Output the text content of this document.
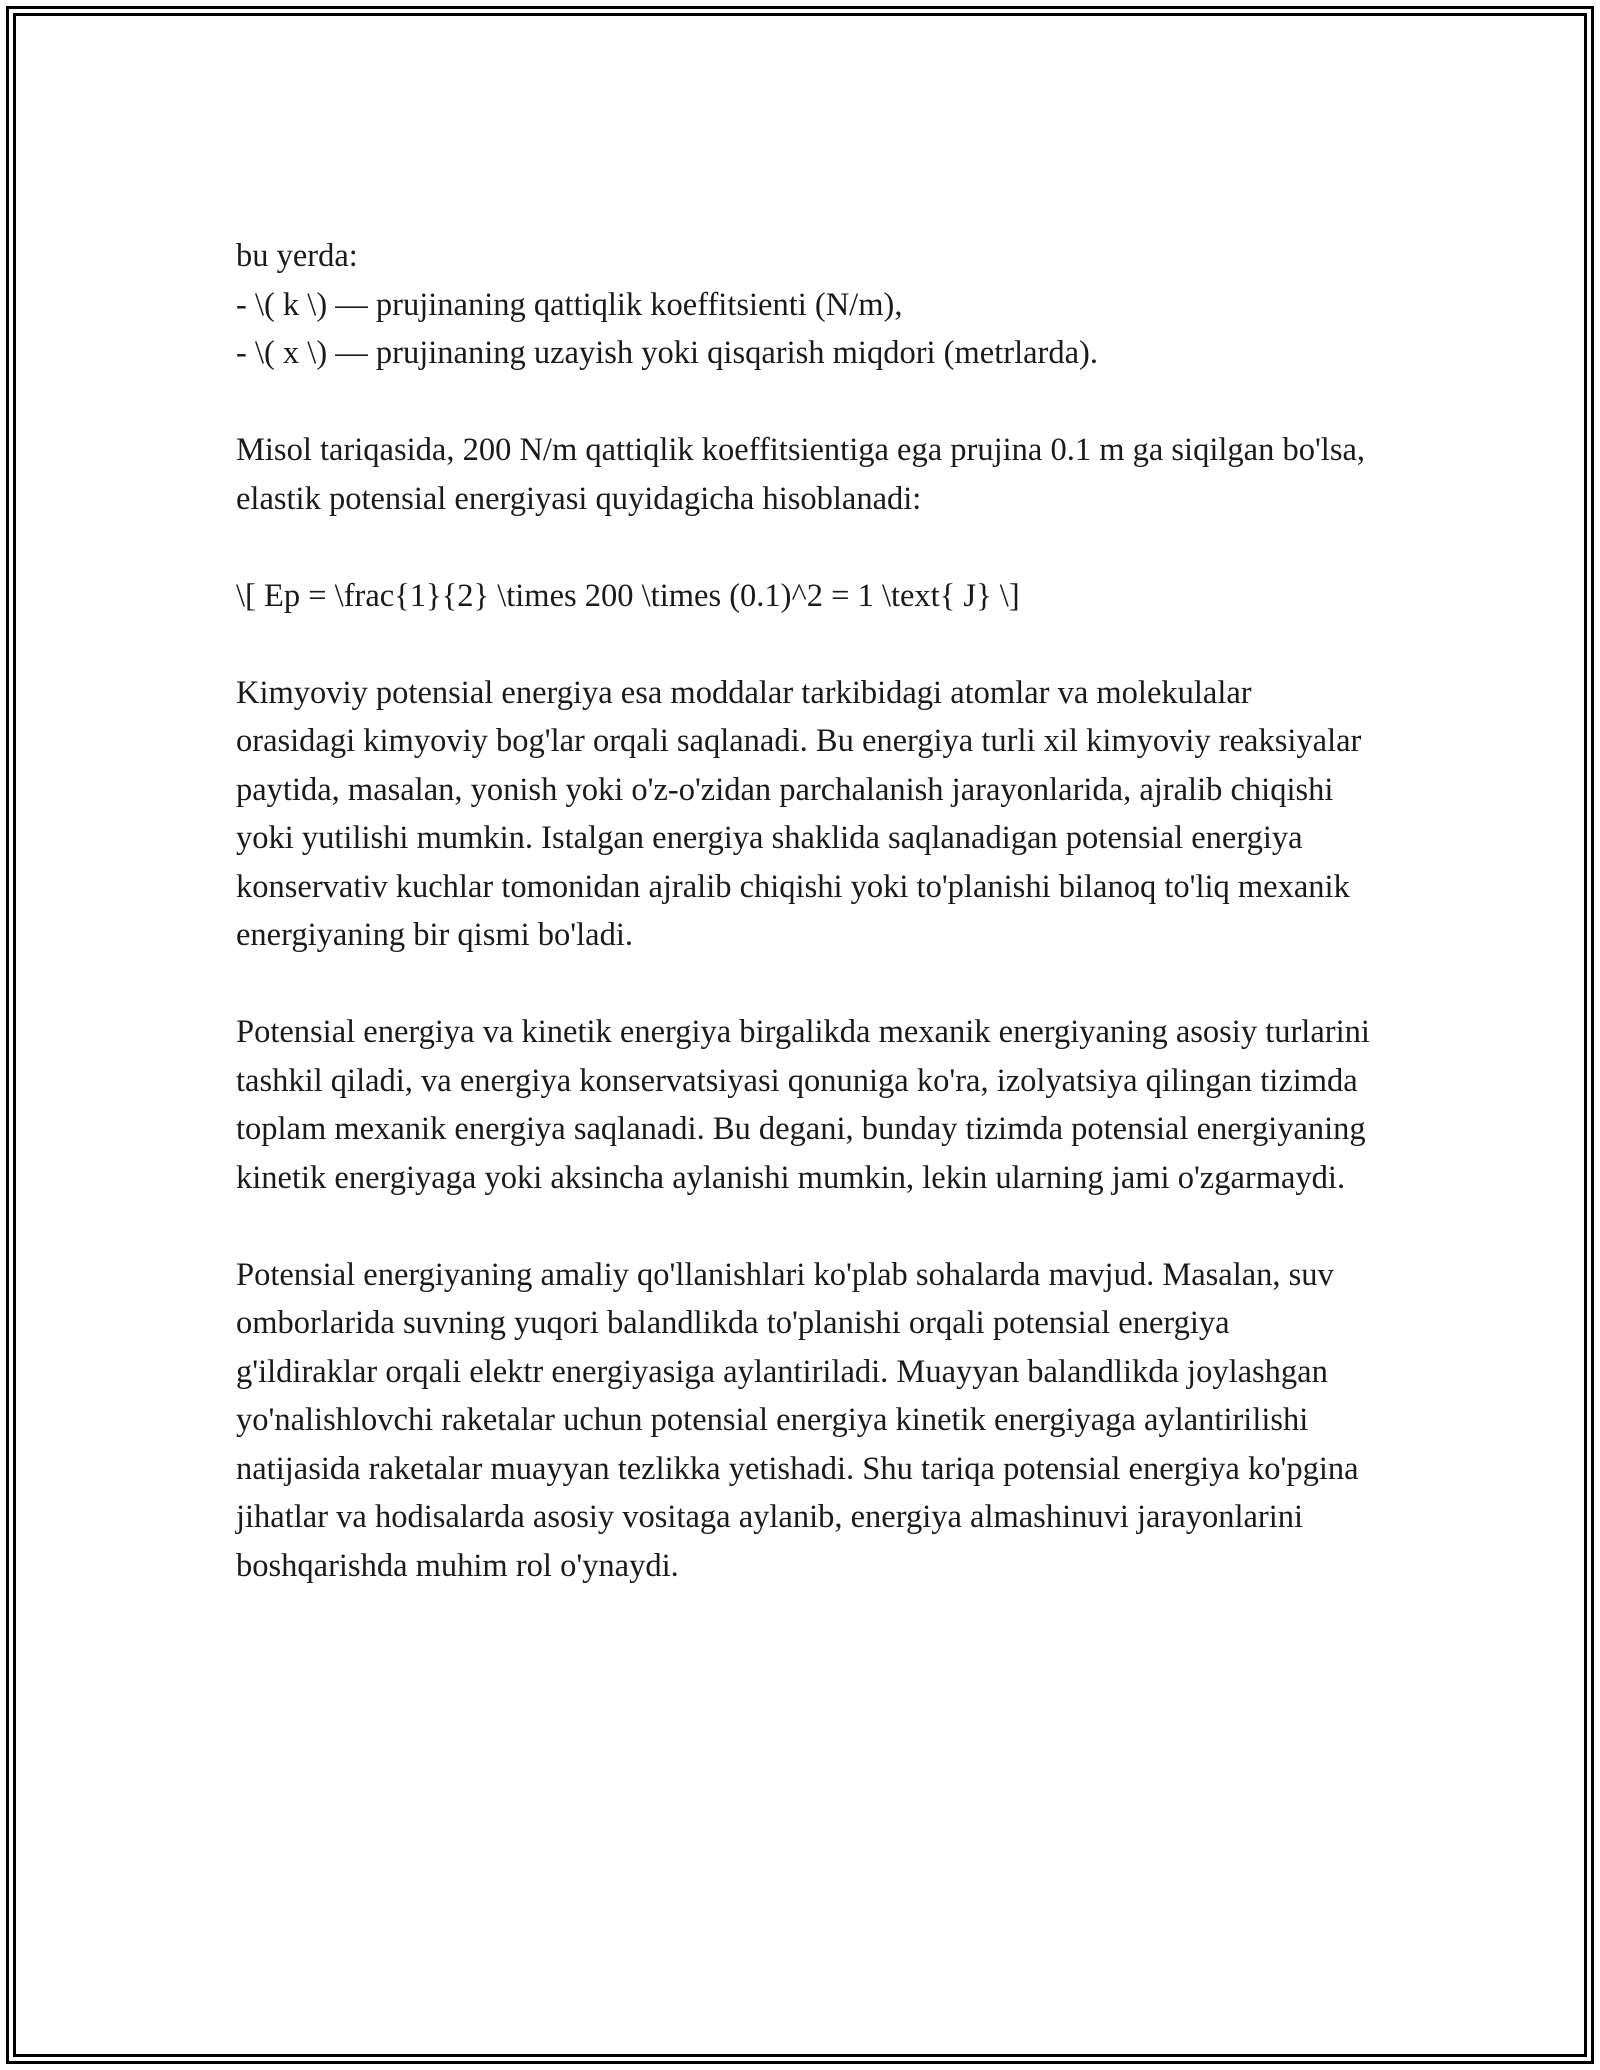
bu yerda:

- \( k \) — prujinaning qattiqlik koeffitsienti (N/m),

- \( x \) — prujinaning uzayish yoki qisqarish miqdori (metrlarda).

Misol tariqasida, 200 N/m qattiqlik koeffitsientiga ega prujina 0.1 m ga siqilgan bo'lsa, elastik potensial energiyasi quyidagicha hisoblanadi:

\[ Ep = \frac{1}{2} \times 200 \times (0.1)^2 = 1 \text{ J} \]

Kimyoviy potensial energiya esa moddalar tarkibidagi atomlar va molekulalar orasidagi kimyoviy bog'lar orqali saqlanadi. Bu energiya turli xil kimyoviy reaksiyalar paytida, masalan, yonish yoki o'z-o'zidan parchalanish jarayonlarida, ajralib chiqishi yoki yutilishi mumkin. Istalgan energiya shaklida saqlanadigan potensial energiya konservativ kuchlar tomonidan ajralib chiqishi yoki to'planishi bilanoq to'liq mexanik energiyaning bir qismi bo'ladi.

Potensial energiya va kinetik energiya birgalikda mexanik energiyaning asosiy turlarini tashkil qiladi, va energiya konservatsiyasi qonuniga ko'ra, izolyatsiya qilingan tizimda toplam mexanik energiya saqlanadi. Bu degani, bunday tizimda potensial energiyaning kinetik energiyaga yoki aksincha aylanishi mumkin, lekin ularning jami o'zgarmaydi.

Potensial energiyaning amaliy qo'llanishlari ko'plab sohalarda mavjud. Masalan, suv omborlarida suvning yuqori balandlikda to'planishi orqali potensial energiya g'ildiraklar orqali elektr energiyasiga aylantiriladi. Muayyan balandlikda joylashgan yo'nalishlovchi raketalar uchun potensial energiya kinetik energiyaga aylantirilishi natijasida raketalar muayyan tezlikka yetishadi. Shu tariqa potensial energiya ko'pgina jihatlar va hodisalarda asosiy vositaga aylanib, energiya almashinuvi jarayonlarini boshqarishda muhim rol o'ynaydi.
